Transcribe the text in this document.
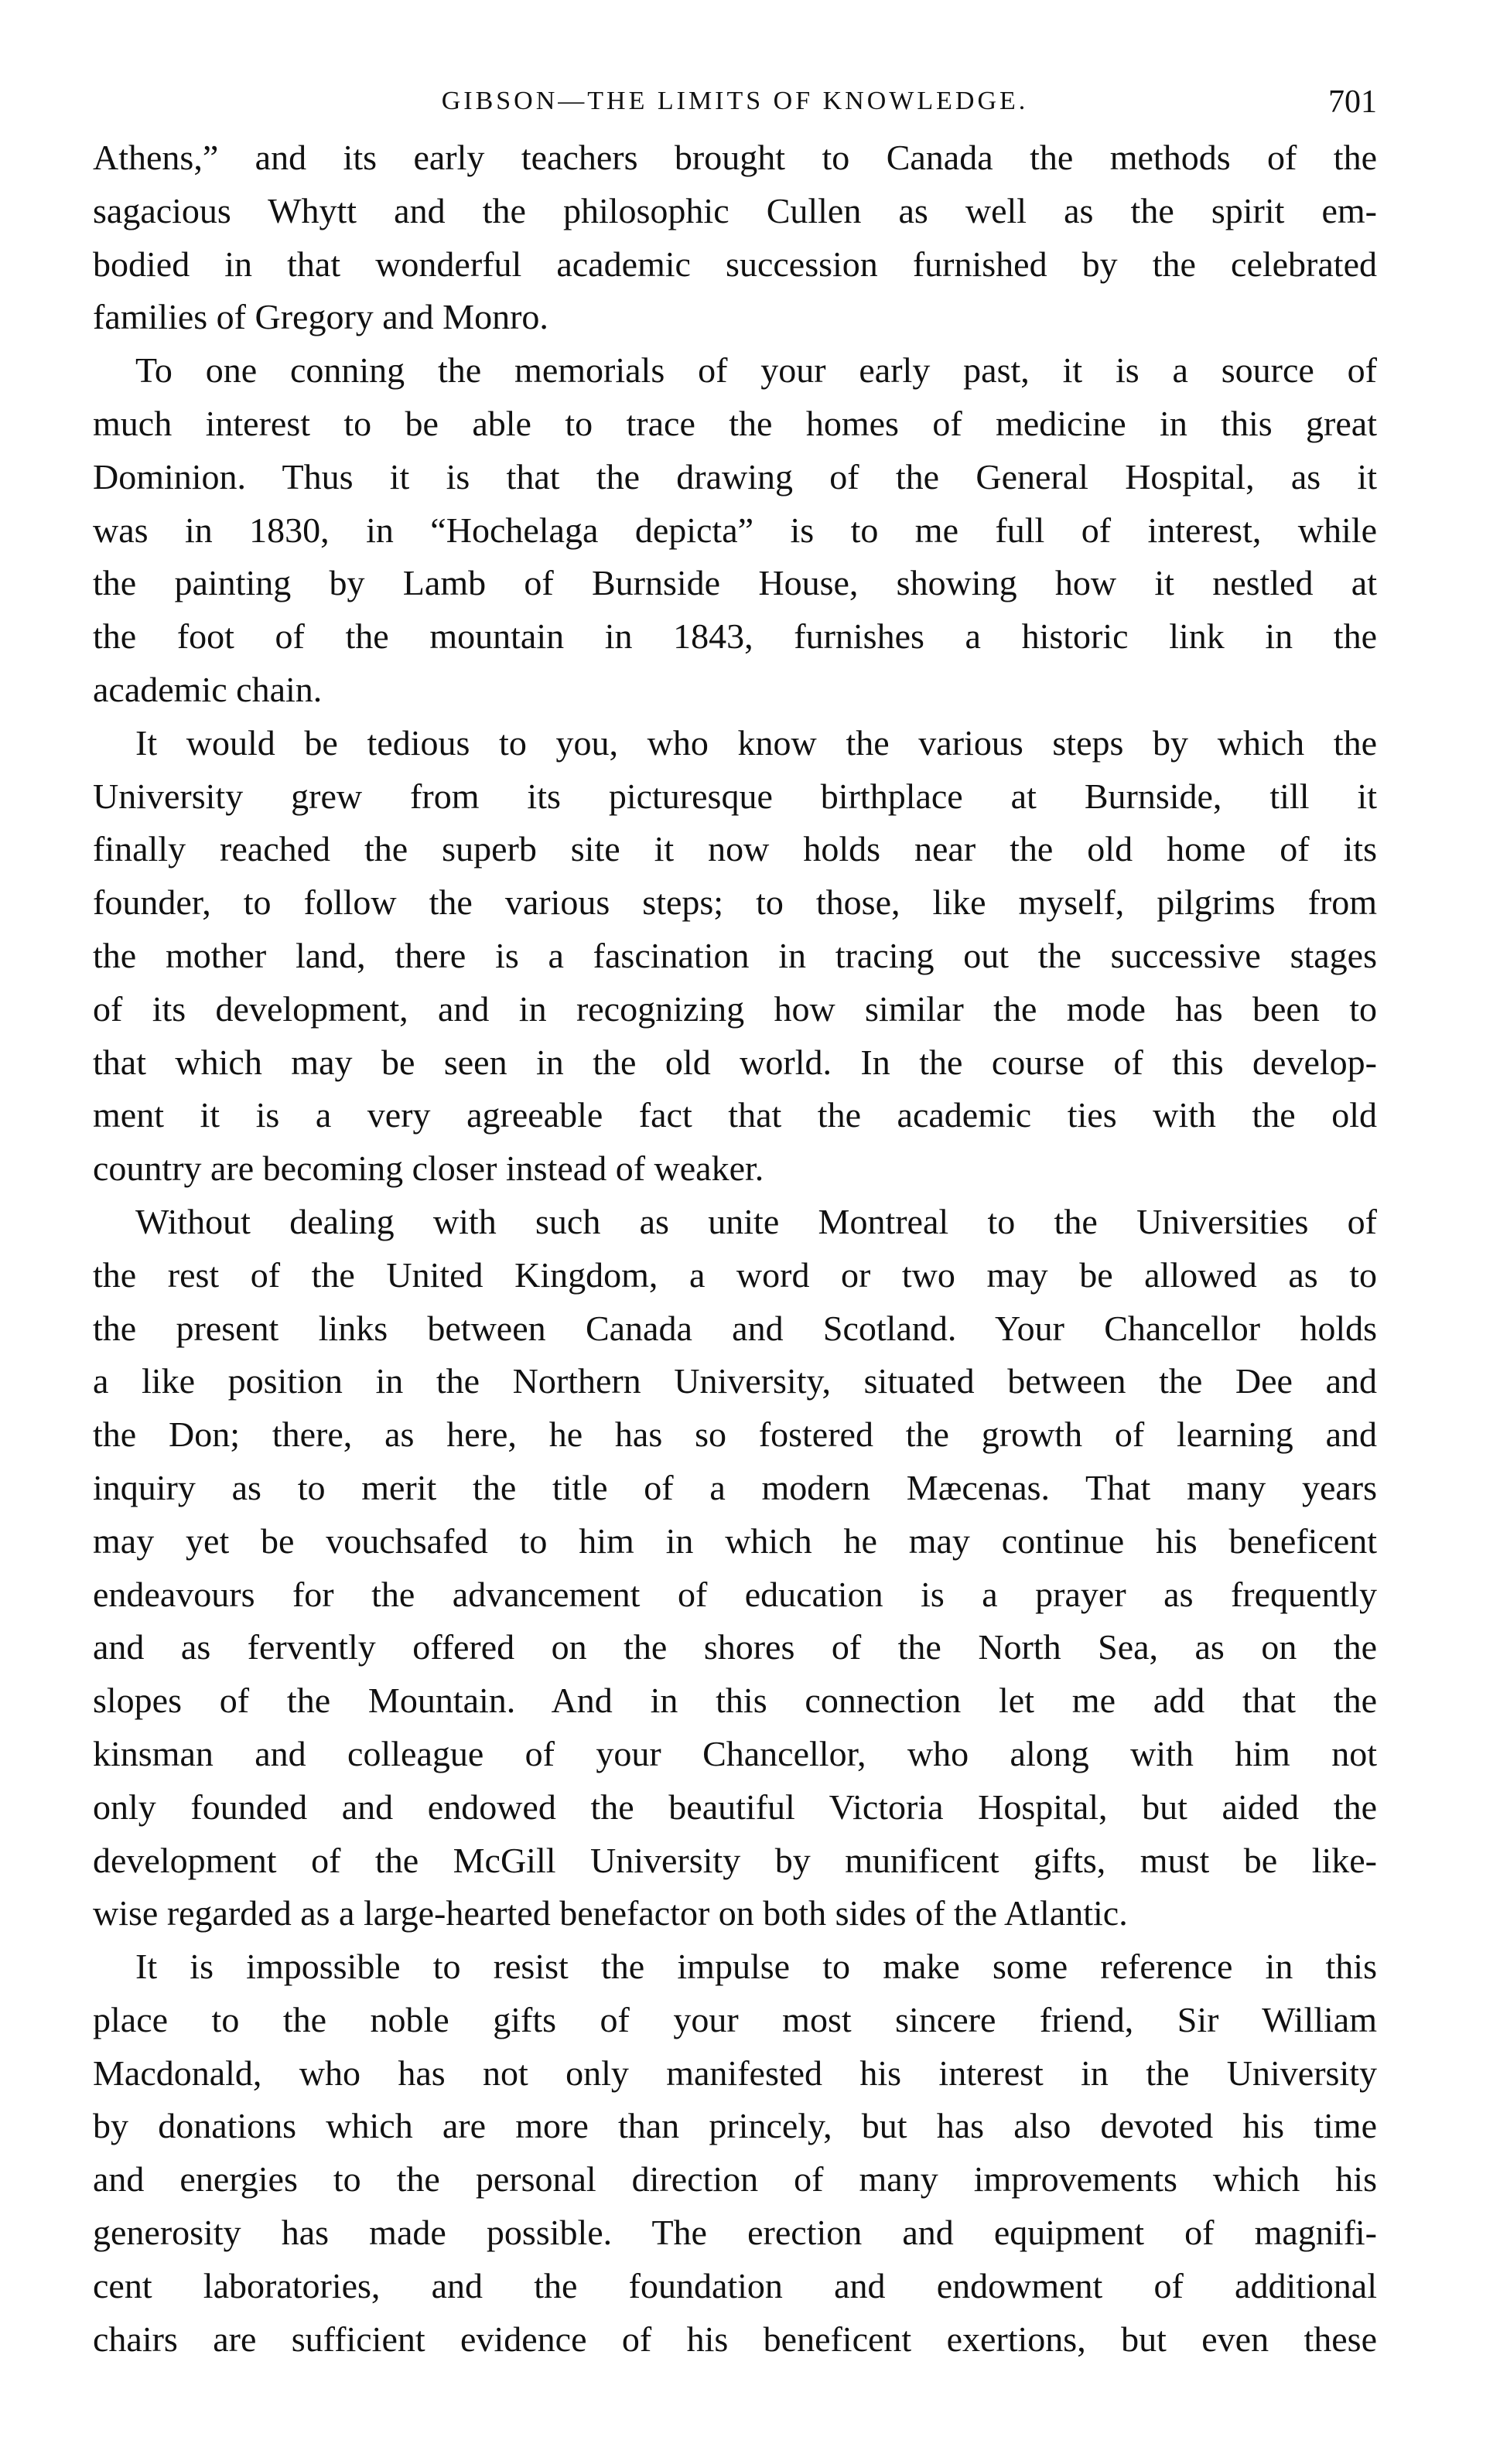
GIBSON—THE LIMITS OF KNOWLEDGE.	701
Athens,” and its early teachers brought to Canada the methods of the
sagacious Whytt and the philosophic Cullen as well as the spirit em-
bodied in that wonderful academic succession furnished by the celebrated
families of Gregory and Monro.
To one conning the memorials of your early past, it is a source of
much interest to be able to trace the homes of medicine in this great
Dominion. Thus it is that the drawing of the General Hospital, as it
was in 1830, in “Hochelaga depicta” is to me full of interest, while
the painting by Lamb of Burnside House, showing how it nestled at
the foot of the mountain in 1843, furnishes a historic link in the
academic chain.
It would be tedious to you, who know the various steps by which the
University grew from its picturesque birthplace at Burnside, till it
finally reached the superb site it now holds near the old home of its
founder, to follow the various steps; to those, like myself, pilgrims from
the mother land, there is a fascination in tracing out the successive stages
of its development, and in recognizing how similar the mode has been to
that which may be seen in the old world. In the course of this develop-
ment it is a very agreeable fact that the academic ties with the old
country are becoming closer instead of weaker.
Without dealing with such as unite Montreal to the Universities of
the rest of the United Kingdom, a word or two may be allowed as to
the present links between Canada and Scotland. Your Chancellor holds
a like position in the Northern University, situated between the Dee and
the Don; there, as here, he has so fostered the growth of learning and
inquiry as to merit the title of a modern Mæcenas. That many years
may yet be vouchsafed to him in which he may continue his beneficent
endeavours for the advancement of education is a prayer as frequently
and as fervently offered on the shores of the North Sea, as on the
slopes of the Mountain. And in this connection let me add that the
kinsman and colleague of your Chancellor, who along with him not
only founded and endowed the beautiful Victoria Hospital, but aided the
development of the McGill University by munificent gifts, must be like-
wise regarded as a large-hearted benefactor on both sides of the Atlantic.
It is impossible to resist the impulse to make some reference in this
place to the noble gifts of your most sincere friend, Sir William
Macdonald, who has not only manifested his interest in the University
by donations which are more than princely, but has also devoted his time
and energies to the personal direction of many improvements which his
generosity has made possible. The erection and equipment of magnifi-
cent laboratories, and the foundation and endowment of additional
chairs are sufficient evidence of his beneficent exertions, but even these
